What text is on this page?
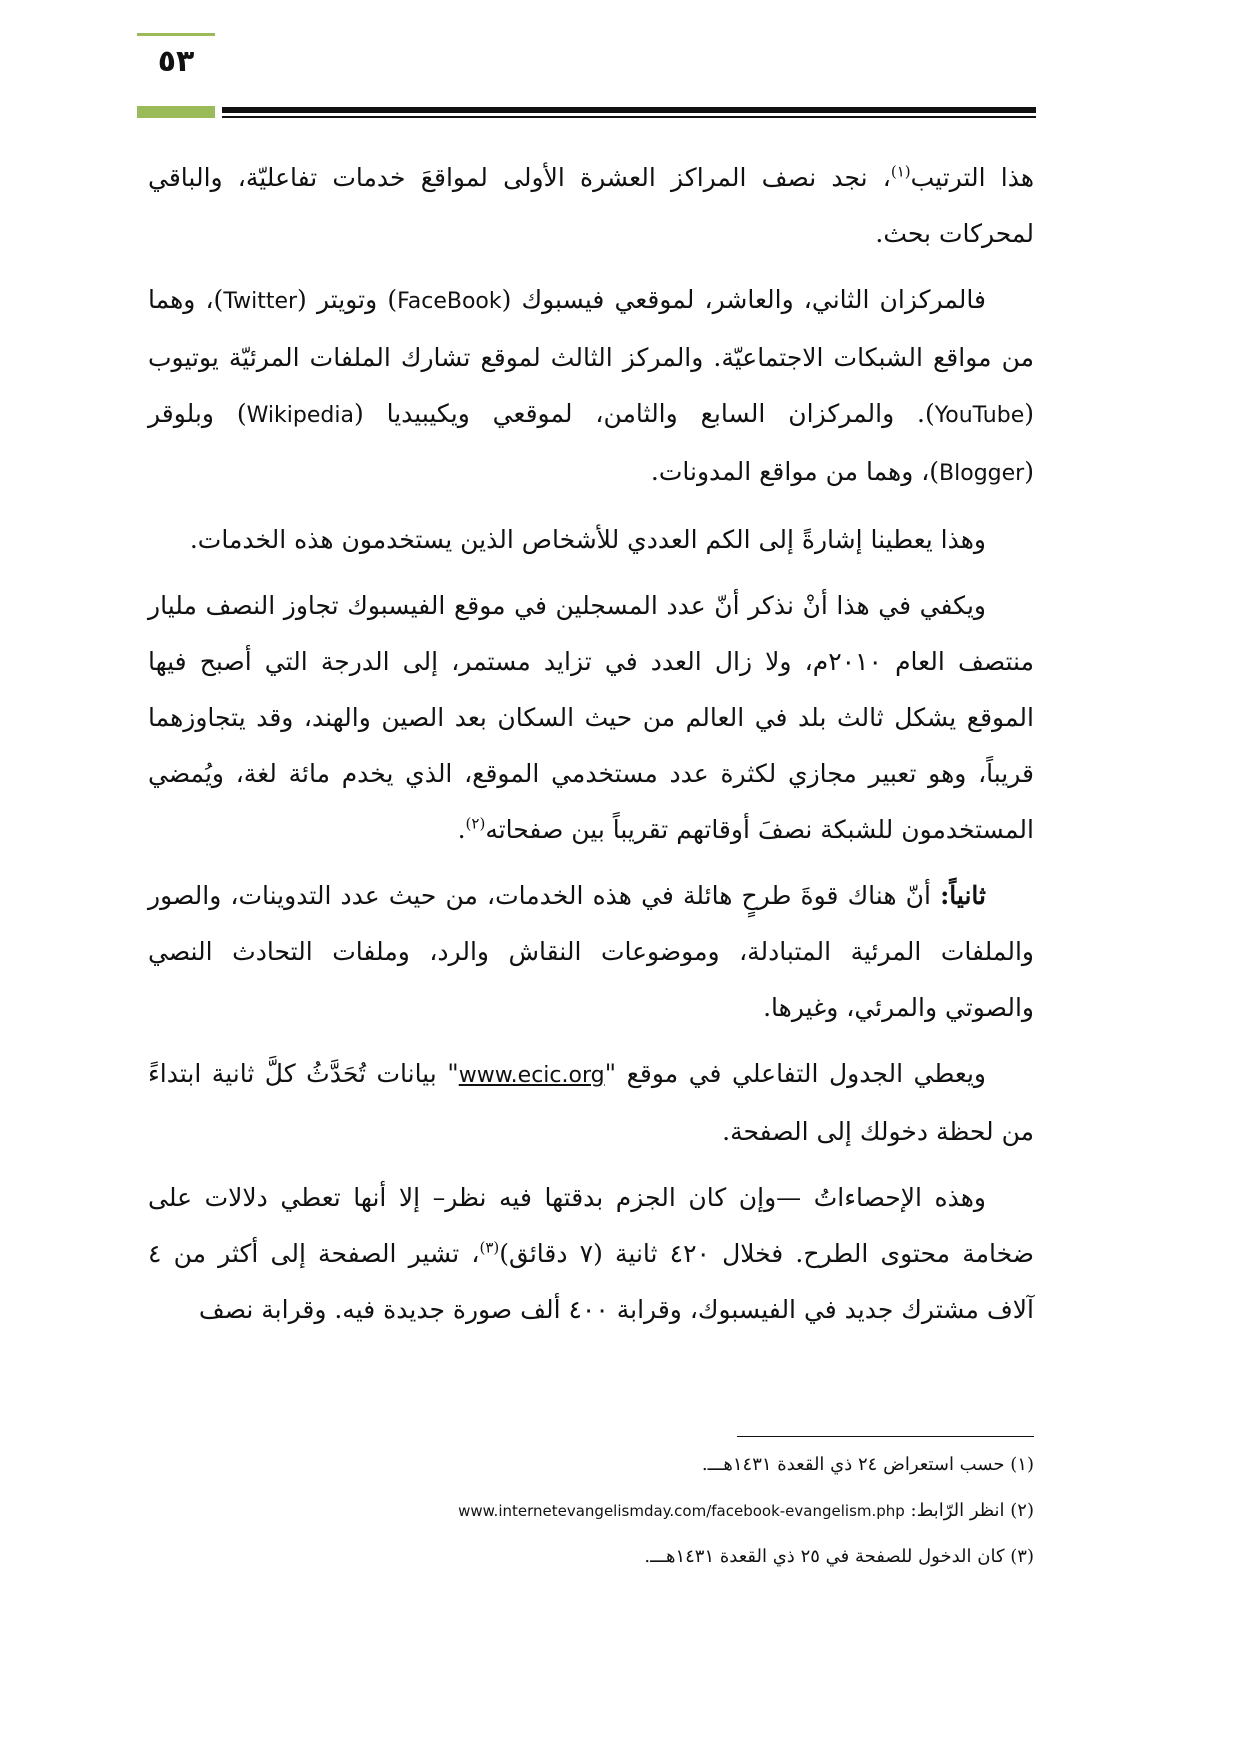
٥٣

هذا الترتيب$^{(١)}$، نجد نصف المراكز العشرة الأولى لمواقعَ خدمات تفاعليّة، والباقي لمحركات بحث.

فالمركزان الثاني، والعاشر، لموقعي فيسبوك (FaceBook) وتويتر (Twitter)، وهما من مواقع الشبكات الاجتماعيّة. والمركز الثالث لموقع تشارك الملفات المرئيّة يوتيوب (YouTube). والمركزان السابع والثامن، لموقعي ويكيبيديا (Wikipedia) وبلوقر (Blogger)، وهما من مواقع المدونات.

وهذا يعطينا إشارةً إلى الكم العددي للأشخاص الذين يستخدمون هذه الخدمات.

ويكفي في هذا أنْ نذكر أنّ عدد المسجلين في موقع الفيسبوك تجاوز النصف مليار منتصف العام ٢٠١٠م، ولا زال العدد في تزايد مستمر، إلى الدرجة التي أصبح فيها الموقع يشكل ثالث بلد في العالم من حيث السكان بعد الصين والهند، وقد يتجاوزهما قريباً، وهو تعبير مجازي لكثرة عدد مستخدمي الموقع، الذي يخدم مائة لغة، ويُمضي المستخدمون للشبكة نصفَ أوقاتهم تقريباً بين صفحاته$^{(٢)}$.

ثانياً: أنّ هناك قوةَ طرحٍ هائلة في هذه الخدمات، من حيث عدد التدوينات، والصور والملفات المرئية المتبادلة، وموضوعات النقاش والرد، وملفات التحادث النصي والصوتي والمرئي، وغيرها.

ويعطي الجدول التفاعلي في موقع "www.ecic.org" بيانات تُحَدَّثُ كلَّ ثانية ابتداءً من لحظة دخولك إلى الصفحة.

وهذه الإحصاءاتُ —وإن كان الجزم بدقتها فيه نظر– إلا أنها تعطي دلالات على ضخامة محتوى الطرح. فخلال ٤٢٠ ثانية (٧ دقائق)$^{(٣)}$، تشير الصفحة إلى أكثر من ٤ آلاف مشترك جديد في الفيسبوك، وقرابة ٤٠٠ ألف صورة جديدة فيه. وقرابة نصف

(١) حسب استعراض ٢٤ ذي القعدة ١٤٣١هـــ.
(٢) انظر الرّابط: www.internetevangelismday.com/facebook-evangelism.php
(٣) كان الدخول للصفحة في ٢٥ ذي القعدة ١٤٣١هـــ.
